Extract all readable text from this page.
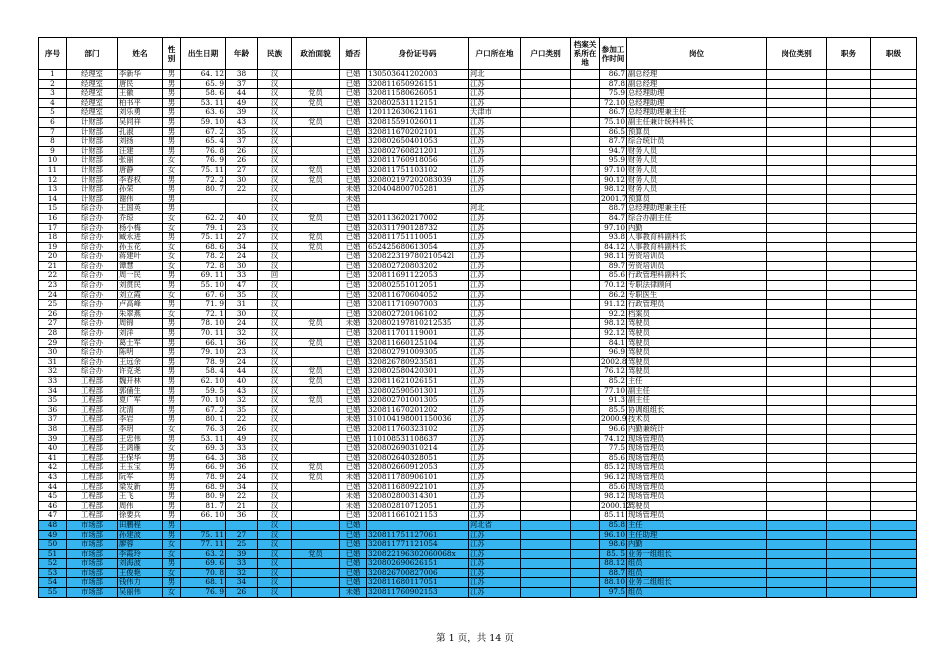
序号	部门	姓名	性别	出生日期	年龄	民族	政治面貌	婚否	身份证号码	户口所在地	户口类别	档案关系所在地	参加工作时间	岗位	岗位类别	职务	职级
1	经理室	李新华	男	64. 12	38	汉		已婚	130503641202003	河北			86.7	副总经理			
2	经理室	唐民	男	65. 9	37	汉		已婚	320811650926151	江苏			87.8	副总经理			
3	经理室	王徽	男	58. 6	44	汉	党员	已婚	320811580626051	江苏			75.9	总经理助理			
4	经理室	柏书平	男	53. 11	49	汉	党员	已婚	320802531112151	江苏			72.10	总经理助理			
5	经理室	刘乐勇	男	63. 6	39	汉		已婚	120112630621161	天津市			86.7	总经理助理兼主任			
6	计财部	吴同祥	男	59. 10	43	汉	党员	已婚	320815591026011	江苏			75.10	副主任兼计统科科长			
7	计财部	孔淑	男	67. 2	35	汉		已婚	320811670202101	江苏			86.5	预算员			
8	计财部	刘扬	男	65. 4	37	汉		已婚	320802650401053	江苏			87.7	综合统计员			
9	计财部	汪建	男	76. 8	26	汉		已婚	320802760821201	江苏			94.7	财务人员			
10	计财部	张丽	女	76. 9	26	汉		已婚	320811760918056	江苏			95.9	财务人员			
11	计财部	唐静	女	75. 11	27	汉	党员	已婚	320811751103102	江苏			97.10	财务人员			
12	计财部	李春权	男	72. 2	30	汉	党员	已婚	320802197202083039	江苏			90.12	财务人员			
13	计财部	孙荣	男	80. 7	22	汉		未婚	320404800705281	江苏			98.12	财务人员			
14	计财部	谢伟	男			汉		未婚					2001.7	预算员			
15	综合办	王国英	男			汉		已婚		河北			88.7	总经理助理兼主任			
16	综合办	乔琼	女	62. 2	40	汉	党员	已婚	320113620217002	江苏			84.7	综合办副主任			
17	综合办	杨小梅	女	79. 1	23	汉		已婚	320311790128732	江苏			97.10	内勤			
18	综合办	臧永进	男	75. 11	27	汉	党员	已婚	320811751110051	江苏			93.8	人事教育科副科长			
19	综合办	孙玉花	女	68. 6	34	汉	党员	已婚	652425680613054	江苏			84.12	人事教育科副科长			
20	综合办	蒋建叶	女	78. 2	24	汉		已婚	320822319780210542l	江苏			98.11	劳资培训员			
21	综合办	谭慧	女	72. 8	30	汉		已婚	320802720803202	江苏			89.7	劳资培训员			
22	综合办	周一民	男	69. 11	33	回		已婚	320811691122053	江苏			85.6	行政管理科副科长			
23	综合办	刘贯民	男	55. 10	47	汉		已婚	320802551012051	江苏			70.12	专职法律顾问			
24	综合办	刘立霞	女	67. 6	35	汉		已婚	320811670604052	江苏			86.2	专职医生			
25	综合办	卢高峰	男	71. 9	31	汉		已婚	320811710907003	江苏			91.12	行政管理员			
26	综合办	朱翠燕	女	72. 1	30	汉		已婚	320802720106102	江苏			92.2	档案员			
27	综合办	周锦	男	78. 10	24	汉	党员	未婚	320802197810212535	江苏			98.12	驾驶员			
28	综合办	刘洋	男	70. 11	32	汉		已婚	320811701119001	江苏			92.12	驾驶员			
29	综合办	葛士军	男	66. 1	36	汉	党员	已婚	320811660125104	江苏			84.1	驾驶员			
30	综合办	陈明	男	79. 10	23	汉		已婚	320802791009305	江苏			96.9	驾驶员			
31	综合办	王远余	男	78. 9	24	汉		已婚	320826780923581	江苏			2002.8	驾驶员			
32	综合办	许克尧	男	58. 4	44	汉	党员	已婚	320802580420301	江苏			76.12	驾驶员			
33	工程部	魏开林	男	62. 10	40	汉	党员	已婚	320811621026151	江苏			85.2	主任			
34	工程部	郭俑生	男	59. 5	43	汉		已婚	320802590501301	江苏			77.10	副主任			
35	工程部	夏广军	男	70. 10	32	汉	党员	已婚	320802701001305	江苏			91.3	副主任			
36	工程部	沈清	男	67. 2	35	汉		已婚	320811670201202	江苏			85.5	协调组组长			
37	工程部	李岩	男	80. 1	22	汉		未婚	310104198001150036	江苏			2000.9	技术员			
38	工程部	李玥	女	76. 3	26	汉		已婚	320811760323102	江苏			96.6	内勤兼统计			
39	工程部	王忠伟	男	53. 11	49	汉		已婚	110108531108637	江苏			74.12	现场管理员			
40	工程部	王鸿雁	女	69. 3	33	汉		已婚	320802690310214	江苏			77.5	现场管理员			
41	工程部	王保华	男	64. 3	38	汉		已婚	320802640328051	江苏			85.6	现场管理员			
42	工程部	王玉宝	男	66. 9	36	汉	党员	已婚	320802660912053	江苏			85.12	现场管理员			
43	工程部	阮军	男	78. 9	24	汉	党员	未婚	320811780906101	江苏			96.12	现场管理员			
44	工程部	梁发新	男	68. 9	34	汉		已婚	320811680922101	江苏			85.6	现场管理员			
45	工程部	王飞	男	80. 9	22	汉		未婚	320802800314301	江苏			98.12	现场管理员			
46	工程部	周伟	男	81. 7	21	汉		未婚	320802810712051	江苏			2000.12	驾驶员			
47	工程部	徐要兵	男	66. 10	36	汉		已婚	320811661021153	江苏			85.11	现场管理员			
48	市场部	田鹏程	男			汉		已婚		河北省			85.8	主任			
49	市场部	孙建波	男	75. 11	27	汉		已婚	320811751127061	江苏			96.10	主任助理			
50	市场部	廖蓉	女	77. 11	25	汉		已婚	320811771121054	江苏			98.6	内勤			
51	市场部	李霞玲	女	63. 2	39	汉	党员	已婚	320822196302060068x	江苏			85. 5	业务一组组长			
52	市场部	刘海波	男	69. 6	33	汉		已婚	320802690626151	江苏			88.12	组员			
53	市场部	王俊艳	女	70. 8	32	汉		已婚	320826700827006	江苏			88.7	组员			
54	市场部	钱伟力	男	68. 1	34	汉		已婚	320811680117051	江苏			88.10	业务二组组长			
55	市场部	吴丽伟	女	76. 9	26	汉		未婚	320811760902153	江苏			97.5	组员			
第 1 页，共 14 页
